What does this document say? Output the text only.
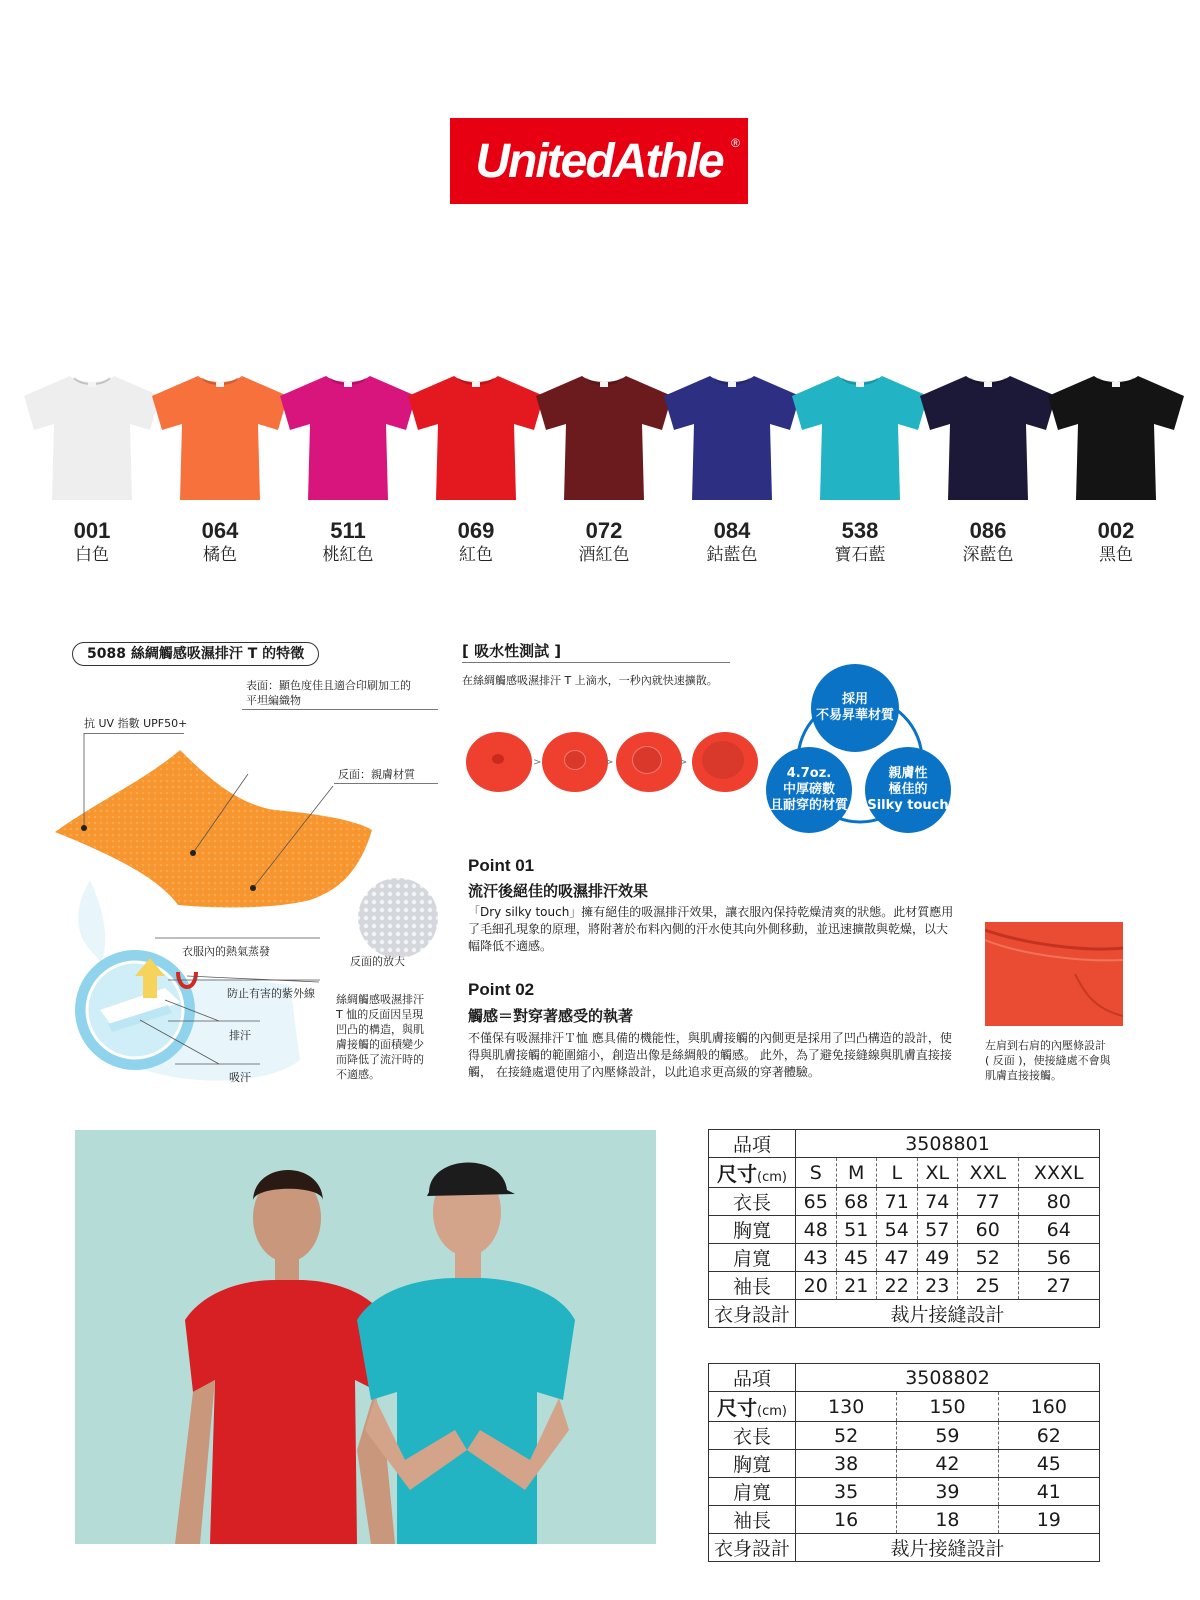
UnitedAthle ®
001
白色
064
橘色
511
桃紅色
069
紅色
072
酒紅色
084
鈷藍色
538
寶石藍
086
深藍色
002
黑色
5088 絲綢觸感吸濕排汗 T 的特徵
表面：顯色度佳且適合印刷加工的
平坦編織物
抗 UV 指數 UPF50+
反面：親膚材質
衣服內的熱氣蒸發
防止有害的紫外線
排汗
吸汗
反面的放大
絲綢觸感吸濕排汗
T 恤的反面因呈現
凹凸的構造，與肌
膚接觸的面積變少
而降低了流汗時的
不適感。
[ 吸水性測試 ]
在絲綢觸感吸濕排汗 T 上滴水，一秒內就快速擴散。
>	>	>
採用
不易昇華材質
4.7oz.
中厚磅數
且耐穿的材質
親膚性
極佳的
Silky touch
Point 01
流汗後絕佳的吸濕排汗效果
「Dry silky touch」擁有絕佳的吸濕排汗效果，讓衣服內保持乾燥清爽的狀態。此材質應用了毛細孔現象的原理，將附著於布料內側的汗水使其向外側移動，並迅速擴散與乾燥，以大幅降低不適感。
Point 02
觸感＝對穿著感受的執著
不僅保有吸濕排汗Ｔ恤 應具備的機能性，與肌膚接觸的內側更是採用了凹凸構造的設計，使得與肌膚接觸的範圍縮小，創造出像是絲綢般的觸感。 此外，為了避免接縫線與肌膚直接接觸， 在接縫處還使用了內壓條設計，以此追求更高級的穿著體驗。
左肩到右肩的內壓條設計
( 反面 )，使接縫處不會與
肌膚直接接觸。
品項	3508801					
尺寸(cm)	S	M	L	XL	XXL	XXXL
衣長	65	68	71	74	77	80
胸寬	48	51	54	57	60	64
肩寬	43	45	47	49	52	56
袖長	20	21	22	23	25	27
衣身設計	裁片接縫設計					
品項	3508802		
尺寸(cm)	130	150	160
衣長	52	59	62
胸寬	38	42	45
肩寬	35	39	41
袖長	16	18	19
衣身設計	裁片接縫設計		
